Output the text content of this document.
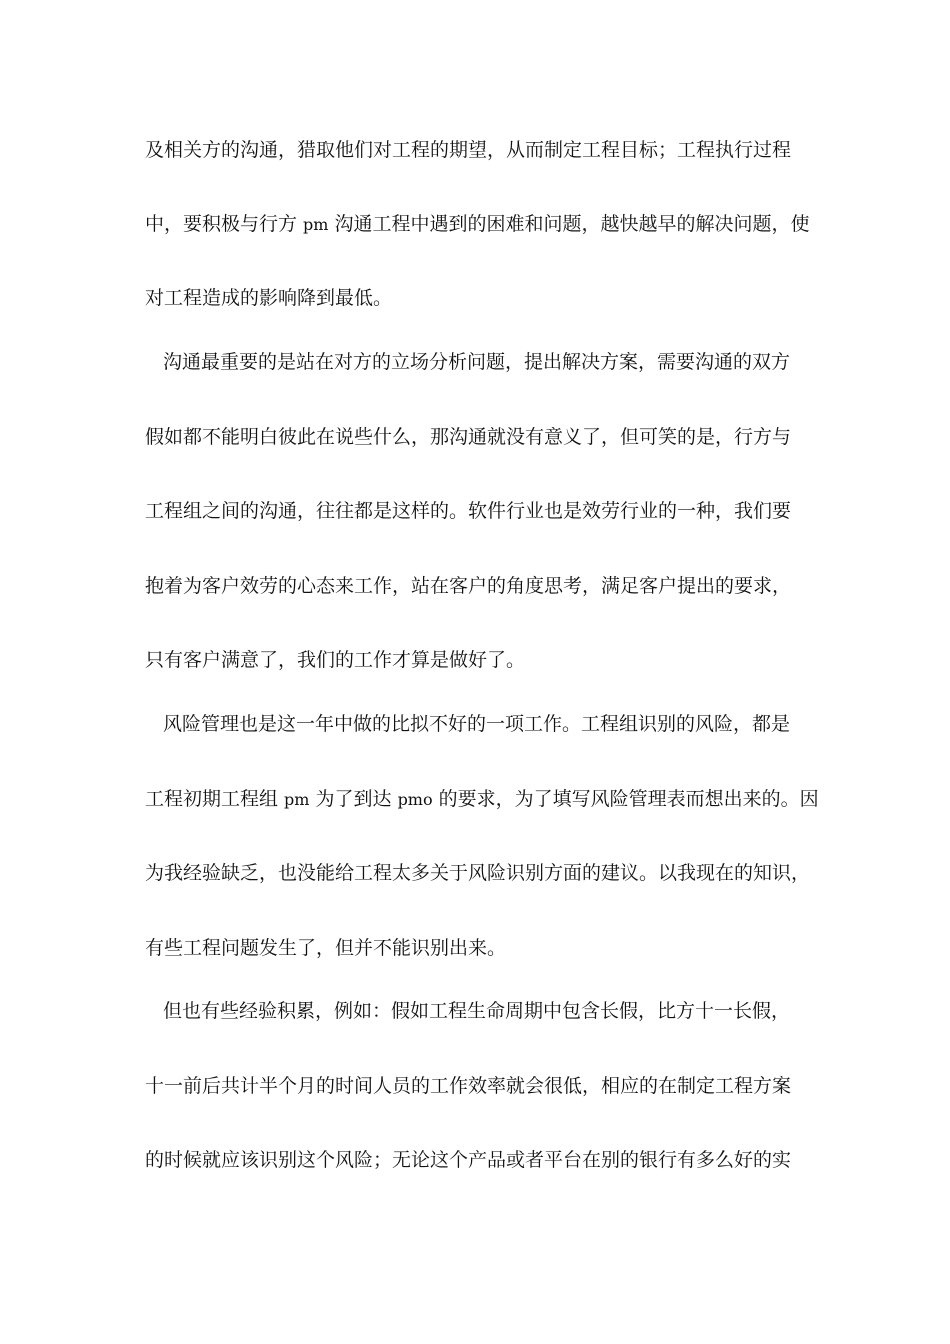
及相关方的沟通，猎取他们对工程的期望，从而制定工程目标；工程执行过程
中，要积极与行方 pm 沟通工程中遇到的困难和问题，越快越早的解决问题，使
对工程造成的影响降到最低。
沟通最重要的是站在对方的立场分析问题，提出解决方案，需要沟通的双方
假如都不能明白彼此在说些什么，那沟通就没有意义了，但可笑的是，行方与
工程组之间的沟通，往往都是这样的。软件行业也是效劳行业的一种，我们要
抱着为客户效劳的心态来工作，站在客户的角度思考，满足客户提出的要求，
只有客户满意了，我们的工作才算是做好了。
风险管理也是这一年中做的比拟不好的一项工作。工程组识别的风险，都是
工程初期工程组 pm 为了到达 pmo 的要求，为了填写风险管理表而想出来的。因
为我经验缺乏，也没能给工程太多关于风险识别方面的建议。以我现在的知识，
有些工程问题发生了，但并不能识别出来。
但也有些经验积累，例如：假如工程生命周期中包含长假，比方十一长假，
十一前后共计半个月的时间人员的工作效率就会很低，相应的在制定工程方案
的时候就应该识别这个风险；无论这个产品或者平台在别的银行有多么好的实
